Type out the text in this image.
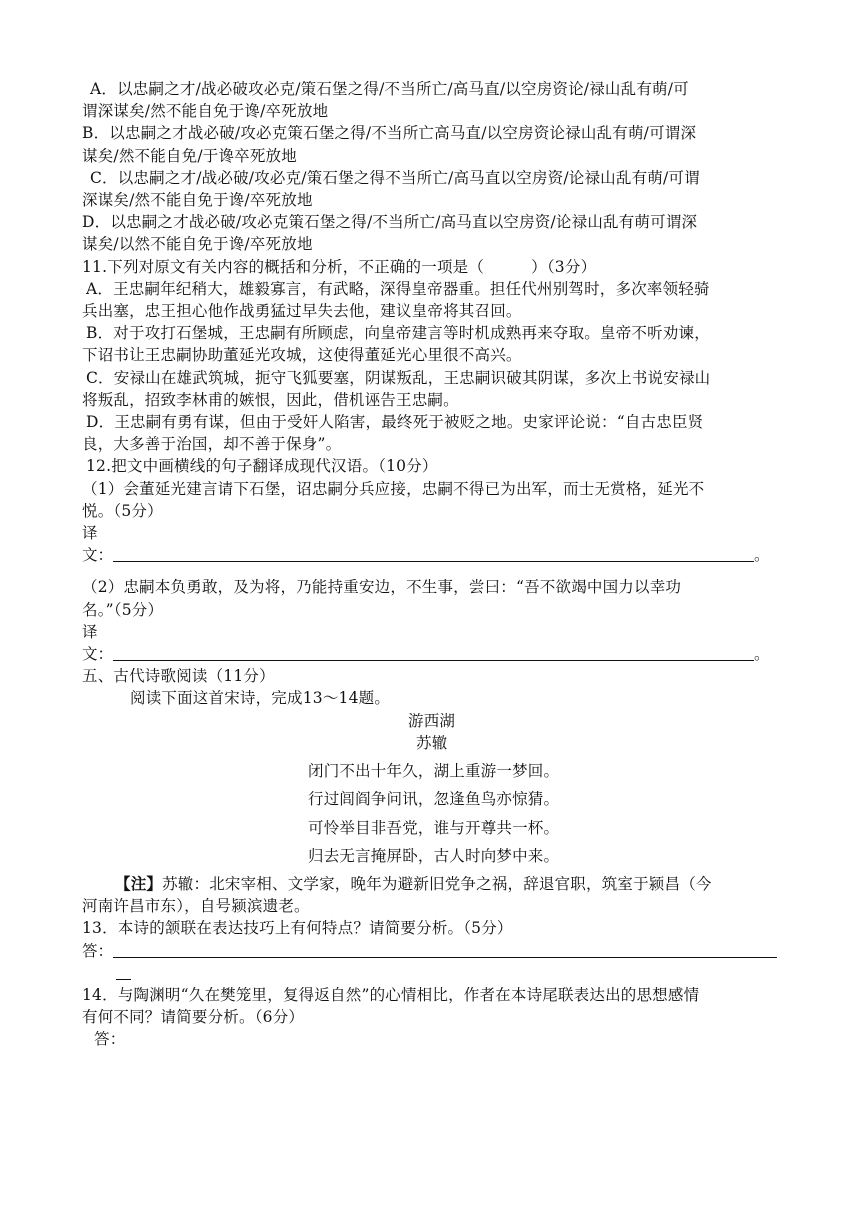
A．以忠嗣之才/战必破攻必克/策石堡之得/不当所亡/高马直/以空房资论/禄山乱有萌/可
谓深谋矣/然不能自免于谗/卒死放地
B．以忠嗣之才战必破/攻必克策石堡之得/不当所亡高马直/以空房资论禄山乱有萌/可谓深
谋矣/然不能自免/于谗卒死放地
C．以忠嗣之才/战必破/攻必克/策石堡之得不当所亡/高马直以空房资/论禄山乱有萌/可谓
深谋矣/然不能自免于谗/卒死放地
D．以忠嗣之才战必破/攻必克策石堡之得/不当所亡/高马直以空房资/论禄山乱有萌可谓深
谋矣/以然不能自免于谗/卒死放地
11.下列对原文有关内容的概括和分析，不正确的一项是（　　　）（3分）
A．王忠嗣年纪稍大，雄毅寡言，有武略，深得皇帝器重。担任代州别驾时，多次率领轻骑
兵出塞，忠王担心他作战勇猛过早失去他，建议皇帝将其召回。
B．对于攻打石堡城，王忠嗣有所顾虑，向皇帝建言等时机成熟再来夺取。皇帝不听劝谏，
下诏书让王忠嗣协助董延光攻城，这使得董延光心里很不高兴。
C．安禄山在雄武筑城，扼守飞狐要塞，阴谋叛乱，王忠嗣识破其阴谋，多次上书说安禄山
将叛乱，招致李林甫的嫉恨，因此，借机诬告王忠嗣。
D．王忠嗣有勇有谋，但由于受奸人陷害，最终死于被贬之地。史家评论说：“自古忠臣贤
良，大多善于治国，却不善于保身”。
12.把文中画横线的句子翻译成现代汉语。（10分）
（1）会董延光建言请下石堡，诏忠嗣分兵应接，忠嗣不得已为出军，而士无赏格，延光不
悦。（5分）
译
文：	。
（2）忠嗣本负勇敢，及为将，乃能持重安边，不生事，尝曰：“吾不欲竭中国力以幸功
名。”（5分）
译
文：	。
五、古代诗歌阅读（11分）
阅读下面这首宋诗，完成13～14题。
游西湖
苏辙
闭门不出十年久，湖上重游一梦回。
行过闾阎争问讯，忽逢鱼鸟亦惊猜。
可怜举目非吾党，谁与开尊共一杯。
归去无言掩屏卧，古人时向梦中来。
【注】苏辙：北宋宰相、文学家，晚年为避新旧党争之祸，辞退官职，筑室于颍昌（今
河南许昌市东），自号颍滨遗老。
13．本诗的颔联在表达技巧上有何特点？请简要分析。（5分）
答：
14．与陶渊明“久在樊笼里，复得返自然”的心情相比，作者在本诗尾联表达出的思想感情
有何不同？请简要分析。（6分）
答：
